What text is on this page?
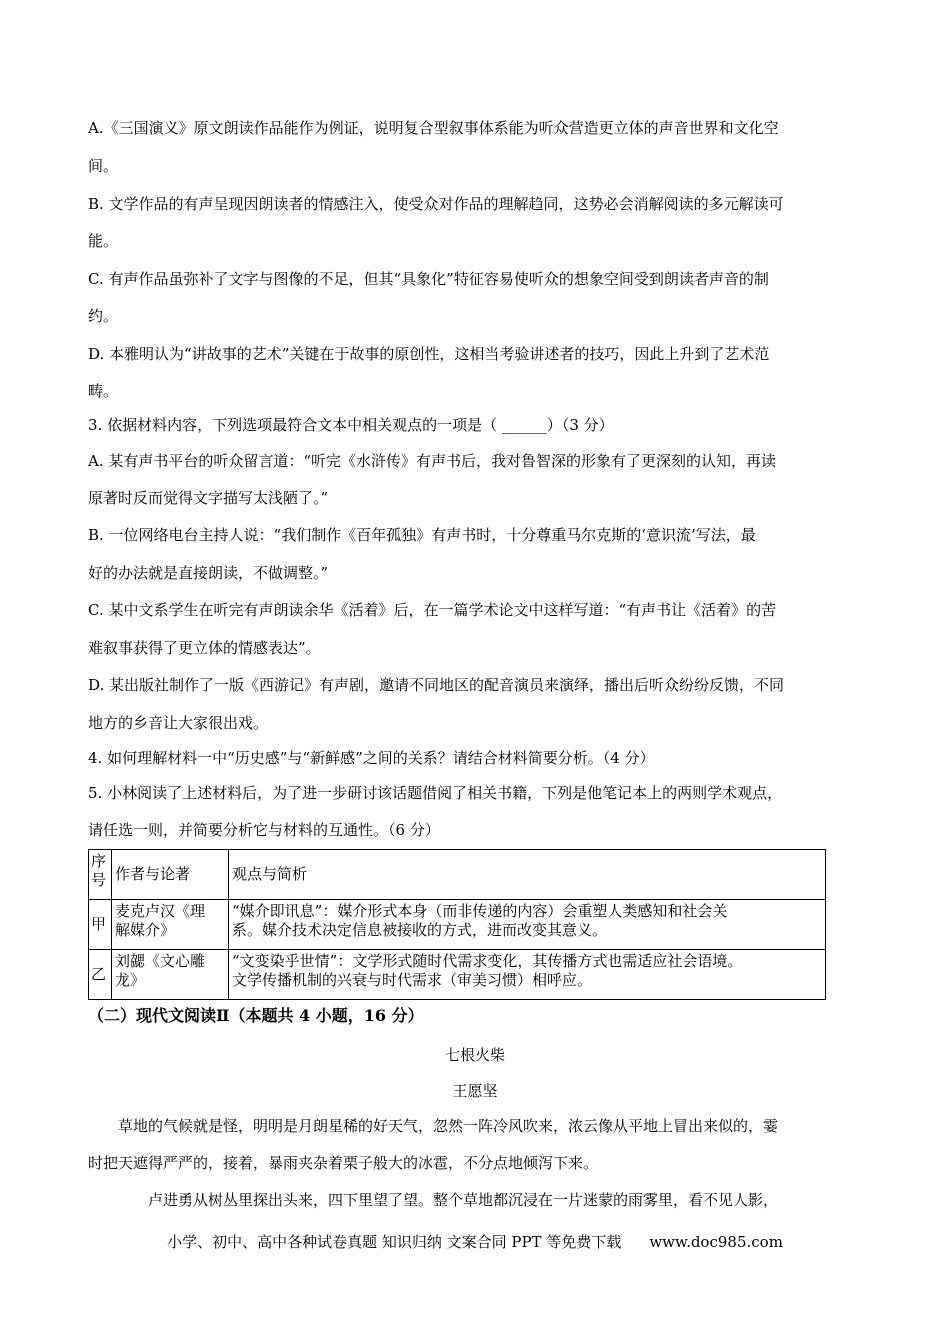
A.《三国演义》原文朗读作品能作为例证，说明复合型叙事体系能为听众营造更立体的声音世界和文化空
间。
B. 文学作品的有声呈现因朗读者的情感注入，使受众对作品的理解趋同，这势必会消解阅读的多元解读可
能。
C. 有声作品虽弥补了文字与图像的不足，但其“具象化”特征容易使听众的想象空间受到朗读者声音的制
约。
D. 本雅明认为“讲故事的艺术”关键在于故事的原创性，这相当考验讲述者的技巧，因此上升到了艺术范
畴。
3. 依据材料内容，下列选项最符合文本中相关观点的一项是（ ______）（3 分）
A. 某有声书平台的听众留言道：“听完《水浒传》有声书后，我对鲁智深的形象有了更深刻的认知，再读
原著时反而觉得文字描写太浅陋了。”
B. 一位网络电台主持人说：“我们制作《百年孤独》有声书时，十分尊重马尔克斯的‘意识流’写法，最
好的办法就是直接朗读，不做调整。”
C. 某中文系学生在听完有声朗读余华《活着》后，在一篇学术论文中这样写道：“有声书让《活着》的苦
难叙事获得了更立体的情感表达”。
D. 某出版社制作了一版《西游记》有声剧，邀请不同地区的配音演员来演绎，播出后听众纷纷反馈，不同
地方的乡音让大家很出戏。
4. 如何理解材料一中“历史感”与“新鲜感”之间的关系？请结合材料简要分析。（4 分）
5. 小林阅读了上述材料后，为了进一步研讨该话题借阅了相关书籍，下列是他笔记本上的两则学术观点，
请任选一则，并简要分析它与材料的互通性。（6 分）
序
号	作者与论著	观点与简析
甲	麦克卢汉《理
解媒介》	“媒介即讯息”：媒介形式本身（而非传递的内容）会重塑人类感知和社会关
系。媒介技术决定信息被接收的方式，进而改变其意义。
乙	刘勰《文心雕
龙》	“文变染乎世情”：文学形式随时代需求变化，其传播方式也需适应社会语境。
文学传播机制的兴衰与时代需求（审美习惯）相呼应。
（二）现代文阅读Ⅱ（本题共 4 小题，16 分）
七根火柴
王愿坚
草地的气候就是怪，明明是月朗星稀的好天气，忽然一阵冷风吹来，浓云像从平地上冒出来似的，霎
时把天遮得严严的，接着，暴雨夹杂着栗子般大的冰雹，不分点地倾泻下来。
卢进勇从树丛里探出头来，四下里望了望。整个草地都沉浸在一片迷蒙的雨雾里，看不见人影，
小学、初中、高中各种试卷真题 知识归纳 文案合同 PPT 等免费下载 www.doc985.com
